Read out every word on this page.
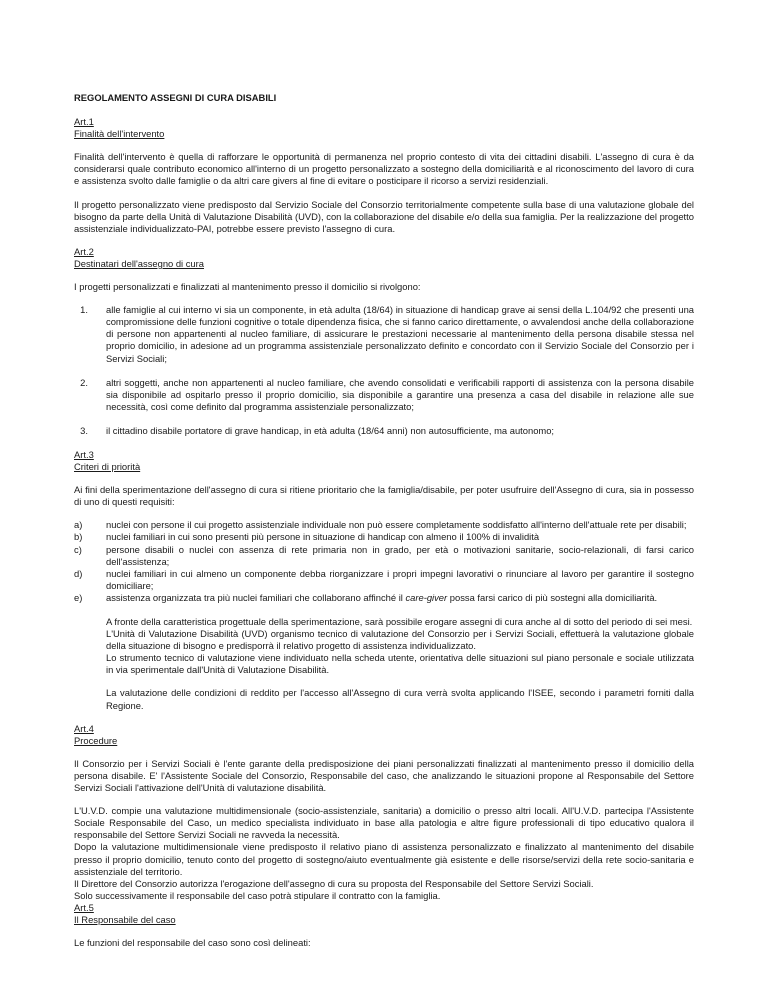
REGOLAMENTO ASSEGNI DI CURA DISABILI
Art.1
Finalità dell'intervento

Finalità dell'intervento è quella di rafforzare le opportunità di permanenza nel proprio contesto di vita dei cittadini disabili. L'assegno di cura è da considerarsi quale contributo economico all'interno di un progetto personalizzato a sostegno della domiciliarità e al riconoscimento del lavoro di cura e assistenza svolto dalle famiglie o da altri care givers al fine di evitare o posticipare il ricorso a servizi residenziali.

Il progetto personalizzato viene predisposto dal Servizio Sociale del Consorzio territorialmente competente sulla base di una valutazione globale del bisogno da parte della Unità di Valutazione Disabilità (UVD), con la collaborazione del disabile e/o della sua famiglia. Per la realizzazione del progetto assistenziale individualizzato-PAI, potrebbe essere previsto l'assegno di cura.

Art.2
Destinatari dell'assegno di cura

I progetti personalizzati e finalizzati al mantenimento presso il domicilio si rivolgono:

1. alle famiglie al cui interno vi sia un componente, in età adulta (18/64) in situazione di handicap grave ai sensi della L.104/92 che presenti una compromissione delle funzioni cognitive o totale dipendenza fisica, che si fanno carico direttamente, o avvalendosi anche della collaborazione di persone non appartenenti al nucleo familiare, di assicurare le prestazioni necessarie al mantenimento della persona disabile stessa nel proprio domicilio, in adesione ad un programma assistenziale personalizzato definito e concordato con il Servizio Sociale del Consorzio per i Servizi Sociali;
2. altri soggetti, anche non appartenenti al nucleo familiare, che avendo consolidati e verificabili rapporti di assistenza con la persona disabile sia disponibile ad ospitarlo presso il proprio domicilio, sia disponibile a garantire una presenza a casa del disabile in relazione alle sue necessità, così come definito dal programma assistenziale personalizzato;
3. il cittadino disabile portatore di grave handicap, in età adulta (18/64 anni) non autosufficiente, ma autonomo;
Art.3
Criteri di priorità

Ai fini della sperimentazione dell'assegno di cura si ritiene prioritario che la famiglia/disabile, per poter usufruire dell'Assegno di cura, sia in possesso di uno di questi requisiti:

a)	nuclei con persone il cui progetto assistenziale individuale non può essere completamente soddisfatto all'interno dell'attuale rete per disabili;
b)	nuclei familiari in cui sono presenti più persone in situazione di handicap con almeno il 100% di invalidità
c)	persone disabili o nuclei con assenza di rete primaria non in grado, per età o motivazioni sanitarie, socio-relazionali, di farsi carico dell'assistenza;
d)	nuclei familiari in cui almeno un componente debba riorganizzare i propri impegni lavorativi o rinunciare al lavoro per garantire il sostegno domiciliare;
e)	assistenza organizzata tra più nuclei familiari che collaborano affinché il care-giver possa farsi carico di più sostegni alla domiciliarità.

A fronte della caratteristica progettuale della sperimentazione, sarà possibile erogare assegni di cura anche al di sotto del periodo di sei mesi.
L'Unità di Valutazione Disabilità (UVD) organismo tecnico di valutazione del Consorzio per i Servizi Sociali, effettuerà la valutazione globale della situazione di bisogno e predisporrà il relativo progetto di assistenza individualizzato.
Lo strumento tecnico di valutazione viene individuato nella scheda utente, orientativa delle situazioni sul piano personale e sociale utilizzata in via sperimentale dall'Unità di Valutazione Disabilità.

La valutazione delle condizioni di reddito per l'accesso all'Assegno di cura verrà svolta applicando l'ISEE, secondo i parametri forniti dalla Regione.

Art.4
Procedure

Il Consorzio per i Servizi Sociali è l'ente garante della predisposizione dei piani personalizzati finalizzati al mantenimento presso il domicilio della persona disabile. E' l'Assistente Sociale del Consorzio, Responsabile del caso, che analizzando le situazioni propone al Responsabile del Settore Servizi Sociali l'attivazione dell'Unità di valutazione disabilità.

L'U.V.D. compie una valutazione multidimensionale (socio-assistenziale, sanitaria) a domicilio o presso altri locali. All'U.V.D. partecipa l'Assistente Sociale Responsabile del Caso, un medico specialista individuato in base alla patologia e altre figure professionali di tipo educativo qualora il responsabile del Settore Servizi Sociali ne ravveda la necessità.
Dopo la valutazione multidimensionale viene predisposto il relativo piano di assistenza personalizzato e finalizzato al mantenimento del disabile presso il proprio domicilio, tenuto conto del progetto di sostegno/aiuto eventualmente già esistente e delle risorse/servizi della rete socio-sanitaria e assistenziale del territorio.
Il Direttore del Consorzio autorizza l'erogazione dell'assegno di cura su proposta del Responsabile del Settore Servizi Sociali.
Solo successivamente il responsabile del caso potrà stipulare il contratto con la famiglia.

Art.5
Il Responsabile del caso

Le funzioni del responsabile del caso sono così delineati:
